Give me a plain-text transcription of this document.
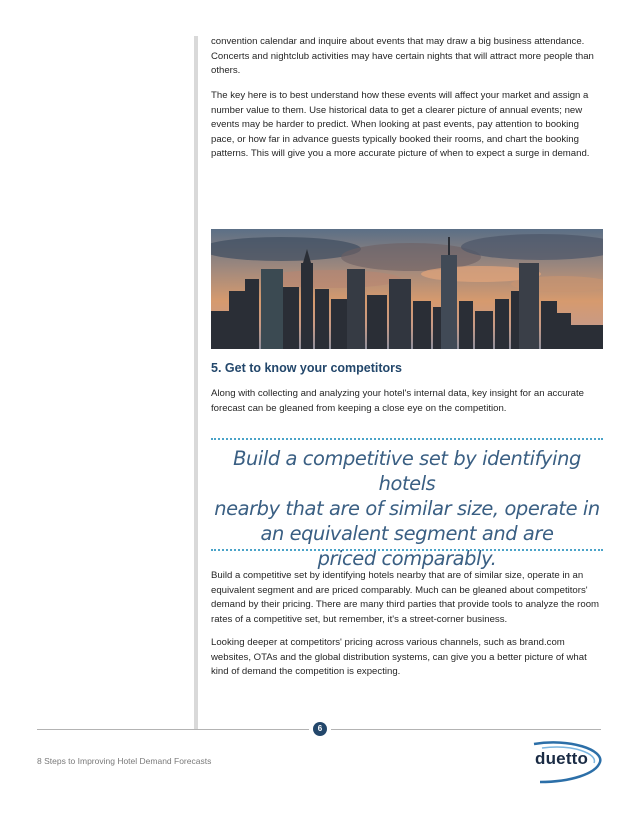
convention calendar and inquire about events that may draw a big business attendance. Concerts and nightclub activities may have certain nights that will attract more people than others.

The key here is to best understand how these events will affect your market and assign a number value to them. Use historical data to get a clearer picture of annual events; new events may be harder to predict. When looking at past events, pay attention to booking pace, or how far in advance guests typically booked their rooms, and chart the booking patterns. This will give you a more accurate picture of when to expect a surge in demand.

5. Get to know your competitors

Along with collecting and analyzing your hotel's internal data, key insight for an accurate forecast can be gleaned from keeping a close eye on the competition.

Build a competitive set by identifying hotels
nearby that are of similar size, operate in
an equivalent segment and are
priced comparably.

Build a competitive set by identifying hotels nearby that are of similar size, operate in an equivalent segment and are priced comparably. Much can be gleaned about competitors' demand by their pricing. There are many third parties that provide tools to analyze the room rates of a competitive set, but remember, it's a street-corner business.

Looking deeper at competitors' pricing across various channels, such as brand.com websites, OTAs and the global distribution systems, can give you a better picture of what kind of demand the competition is expecting.

6
8 Steps to Improving Hotel Demand Forecasts	duetto
